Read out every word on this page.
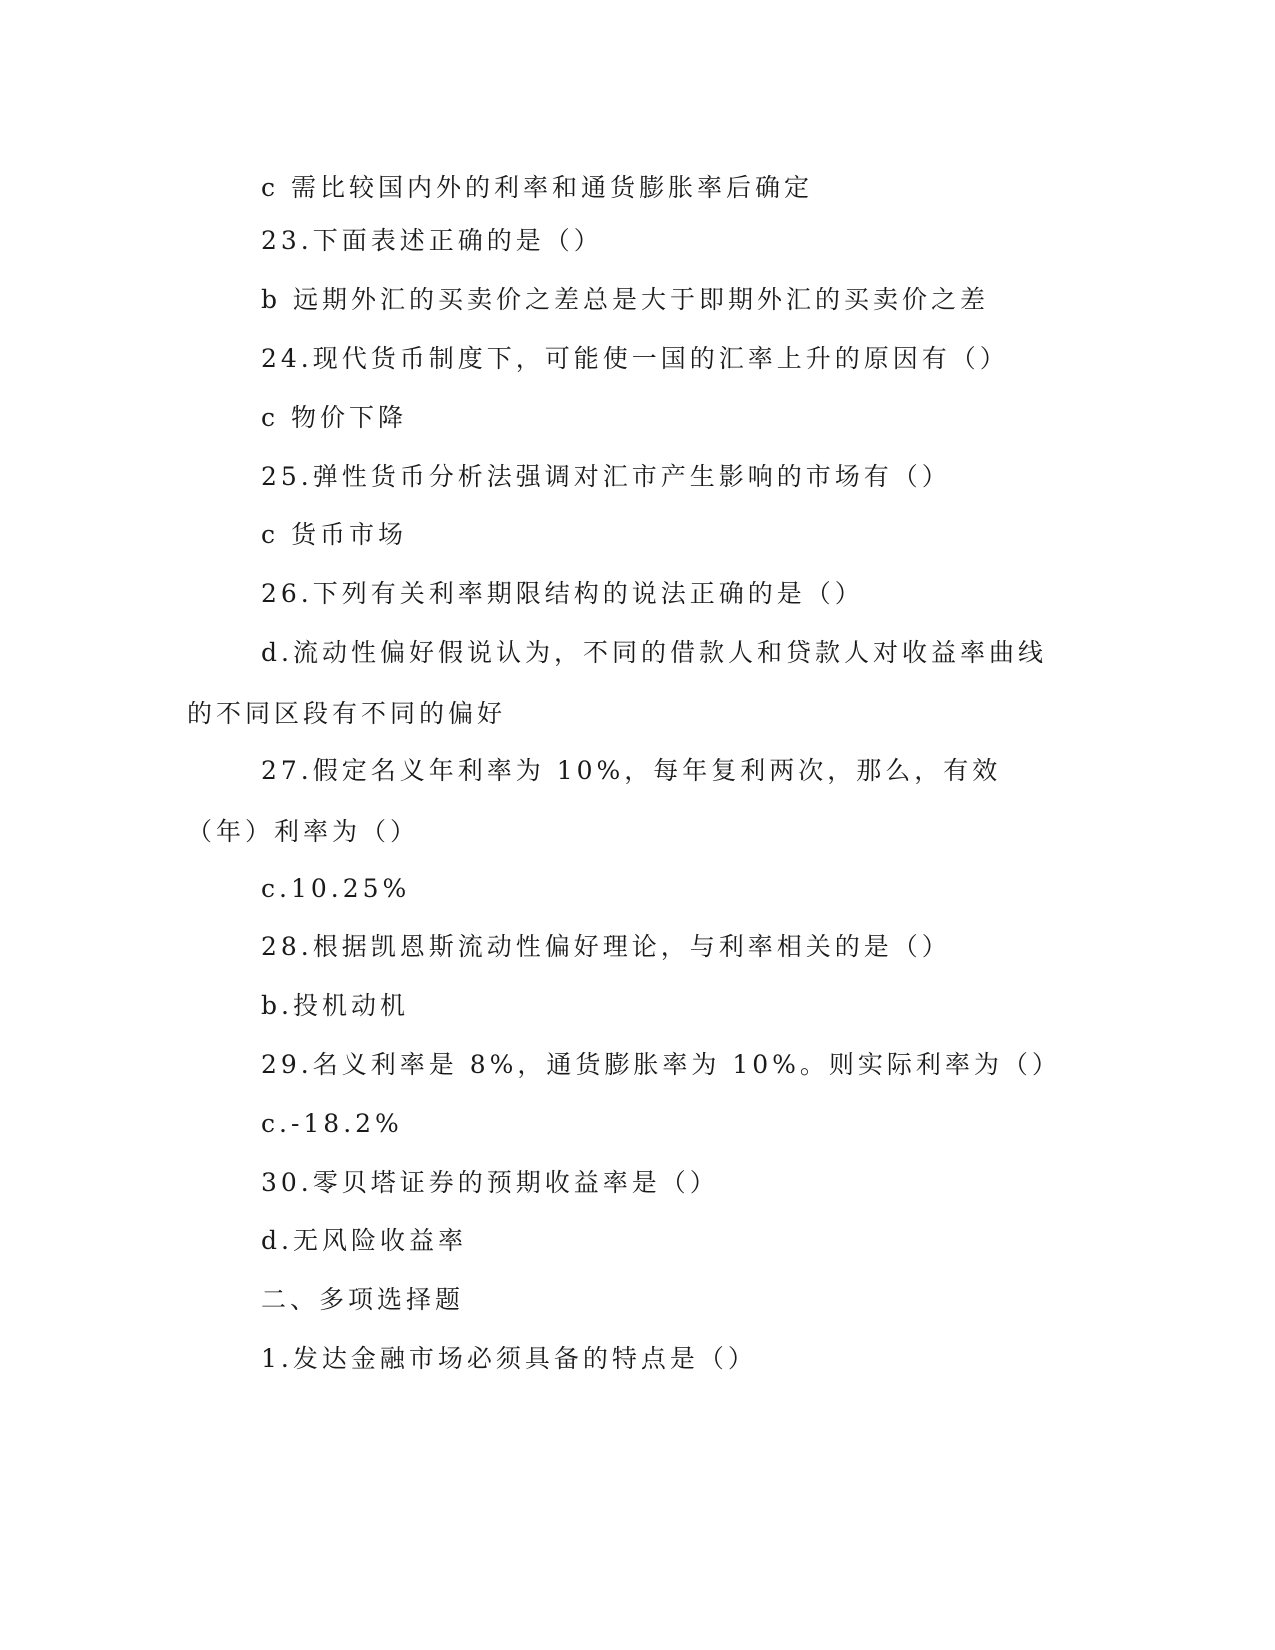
c 需比较国内外的利率和通货膨胀率后确定

23.下面表述正确的是（）

b 远期外汇的买卖价之差总是大于即期外汇的买卖价之差

24.现代货币制度下，可能使一国的汇率上升的原因有（）

c 物价下降

25.弹性货币分析法强调对汇市产生影响的市场有（）

c 货币市场

26.下列有关利率期限结构的说法正确的是（）

d.流动性偏好假说认为，不同的借款人和贷款人对收益率曲线的不同区段有不同的偏好

27.假定名义年利率为 10%，每年复利两次，那么，有效（年）利率为（）

c.10.25%

28.根据凯恩斯流动性偏好理论，与利率相关的是（）

b.投机动机

29.名义利率是 8%，通货膨胀率为 10%。则实际利率为（）

c.-18.2%

30.零贝塔证券的预期收益率是（）

d.无风险收益率

二、多项选择题

1.发达金融市场必须具备的特点是（）
